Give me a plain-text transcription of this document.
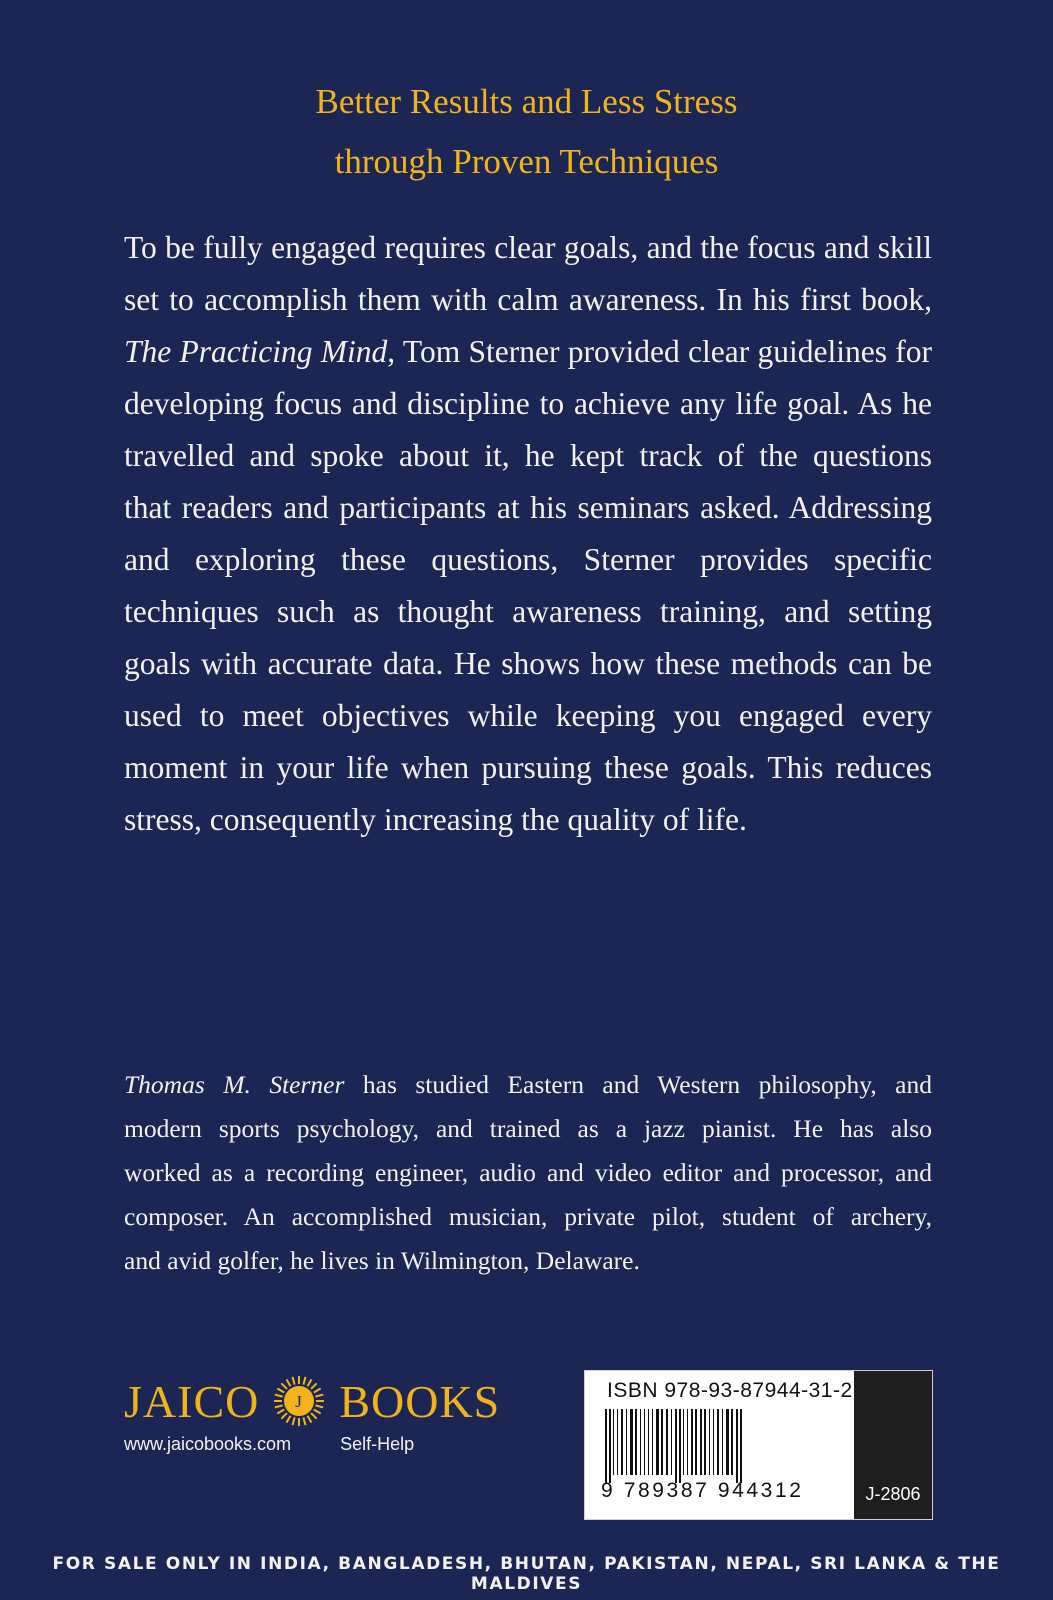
Better Results and Less Stress
through Proven Techniques
To be fully engaged requires clear goals, and the focus and skill
set to accomplish them with calm awareness. In his first book,
The Practicing Mind, Tom Sterner provided clear guidelines for
developing focus and discipline to achieve any life goal. As he
travelled and spoke about it, he kept track of the questions
that readers and participants at his seminars asked. Addressing
and exploring these questions, Sterner provides specific
techniques such as thought awareness training, and setting
goals with accurate data. He shows how these methods can be
used to meet objectives while keeping you engaged every
moment in your life when pursuing these goals. This reduces
stress, consequently increasing the quality of life.
Thomas M. Sterner has studied Eastern and Western philosophy, and
modern sports psychology, and trained as a jazz pianist. He has also
worked as a recording engineer, audio and video editor and processor, and
composer. An accomplished musician, private pilot, student of archery,
and avid golfer, he lives in Wilmington, Delaware.
JAICO J BOOKS
www.jaicobooks.com	Self-Help
ISBN 978-93-87944-31-2
9 789387 944312	J-2806
FOR SALE ONLY IN INDIA, BANGLADESH, BHUTAN, PAKISTAN, NEPAL, SRI LANKA & THE MALDIVES
